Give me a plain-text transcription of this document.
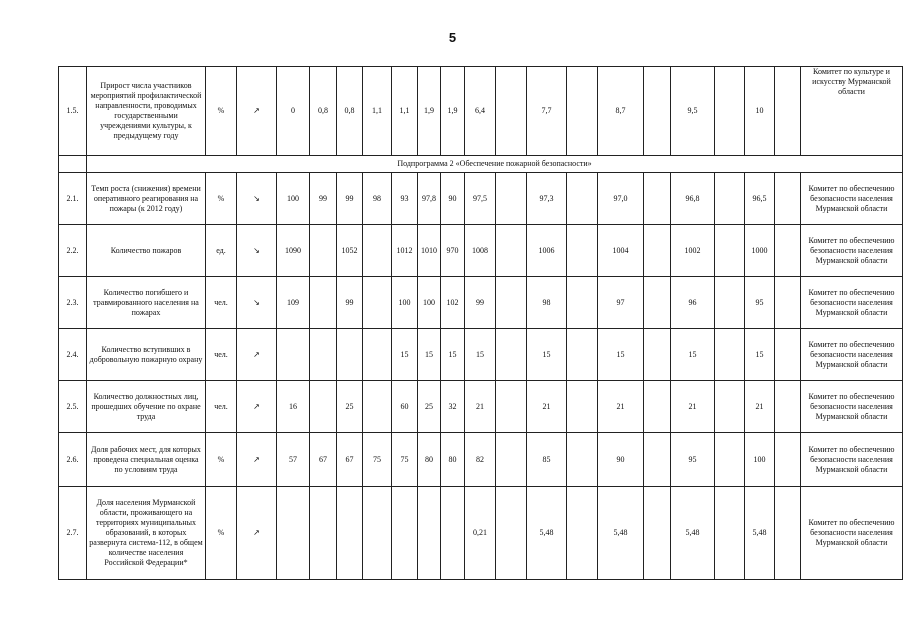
5
1.5.	Прирост числа участников мероприятий профилактической направленности, проводимых государственными учреждениями культуры, к предыдущему году	%	↗	0	0,8	0,8	1,1	1,1	1,9	1,9	6,4		7,7		8,7		9,5		10		Комитет по культуре и искусству Мурманской области
	Подпрограмма 2 «Обеспечение пожарной безопасности»																				
2.1.	Темп роста (снижения) времени оперативного реагирования на пожары (к 2012 году)	%	↘	100	99	99	98	93	97,8	90	97,5		97,3		97,0		96,8		96,5		Комитет по обеспечению безопасности населения Мурманской области
2.2.	Количество пожаров	ед.	↘	1090		1052		1012	1010	970	1008		1006		1004		1002		1000		Комитет по обеспечению безопасности населения Мурманской области
2.3.	Количество погибшего и травмированного населения на пожарах	чел.	↘	109		99		100	100	102	99		98		97		96		95		Комитет по обеспечению безопасности населения Мурманской области
2.4.	Количество вступивших в добровольную пожарную охрану	чел.	↗					15	15	15	15		15		15		15		15		Комитет по обеспечению безопасности населения Мурманской области
2.5.	Количество должностных лиц, прошедших обучение по охране труда	чел.	↗	16		25		60	25	32	21		21		21		21		21		Комитет по обеспечению безопасности населения Мурманской области
2.6.	Доля рабочих мест, для которых проведена специальная оценка по условиям труда	%	↗	57	67	67	75	75	80	80	82		85		90		95		100		Комитет по обеспечению безопасности населения Мурманской области
2.7.	Доля населения Мурманской области, проживающего на территориях муниципальных образований, в которых развернута система-112, в общем количестве населения Российской Федерации*	%	↗								0,21		5,48		5,48		5,48		5,48		Комитет по обеспечению безопасности населения Мурманской области
